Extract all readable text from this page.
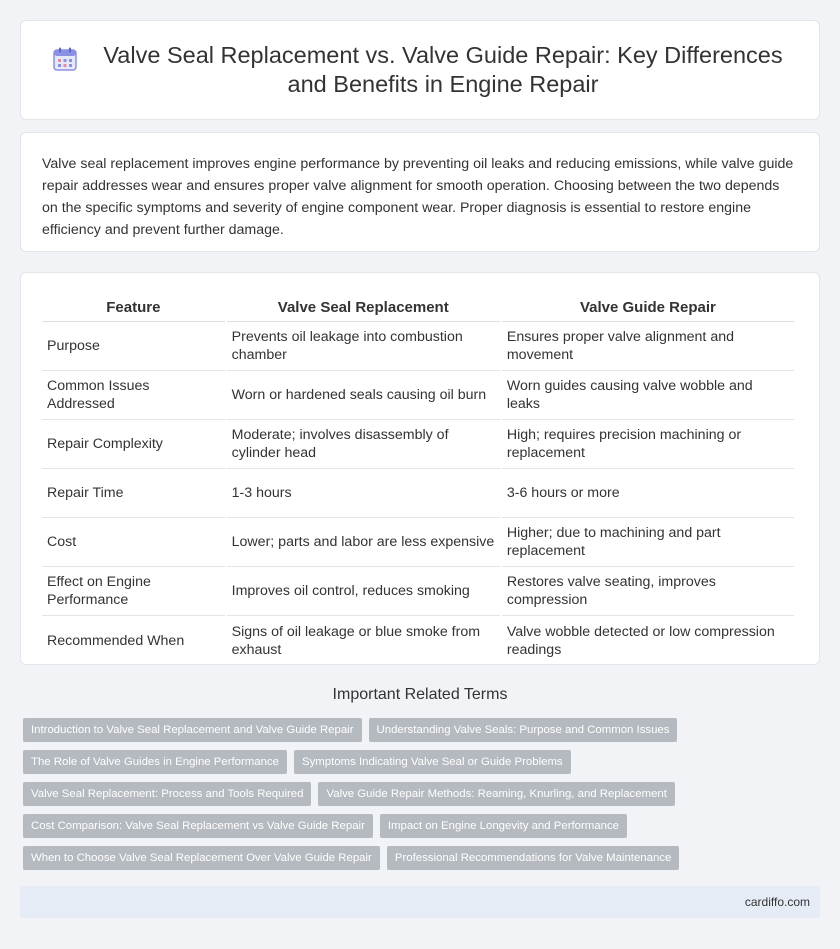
Valve Seal Replacement vs. Valve Guide Repair: Key Differences and Benefits in Engine Repair

Valve seal replacement improves engine performance by preventing oil leaks and reducing emissions, while valve guide repair addresses wear and ensures proper valve alignment for smooth operation. Choosing between the two depends on the specific symptoms and severity of engine component wear. Proper diagnosis is essential to restore engine efficiency and prevent further damage.

Feature	Valve Seal Replacement	Valve Guide Repair
Purpose	Prevents oil leakage into combustion chamber	Ensures proper valve alignment and movement
Common Issues Addressed	Worn or hardened seals causing oil burn	Worn guides causing valve wobble and leaks
Repair Complexity	Moderate; involves disassembly of cylinder head	High; requires precision machining or replacement
Repair Time	1-3 hours	3-6 hours or more
Cost	Lower; parts and labor are less expensive	Higher; due to machining and part replacement
Effect on Engine Performance	Improves oil control, reduces smoking	Restores valve seating, improves compression
Recommended When	Signs of oil leakage or blue smoke from exhaust	Valve wobble detected or low compression readings
Important Related Terms
Introduction to Valve Seal Replacement and Valve Guide Repair	Understanding Valve Seals: Purpose and Common Issues
The Role of Valve Guides in Engine Performance	Symptoms Indicating Valve Seal or Guide Problems
Valve Seal Replacement: Process and Tools Required	Valve Guide Repair Methods: Reaming, Knurling, and Replacement
Cost Comparison: Valve Seal Replacement vs Valve Guide Repair	Impact on Engine Longevity and Performance
When to Choose Valve Seal Replacement Over Valve Guide Repair	Professional Recommendations for Valve Maintenance
cardiffo.com
